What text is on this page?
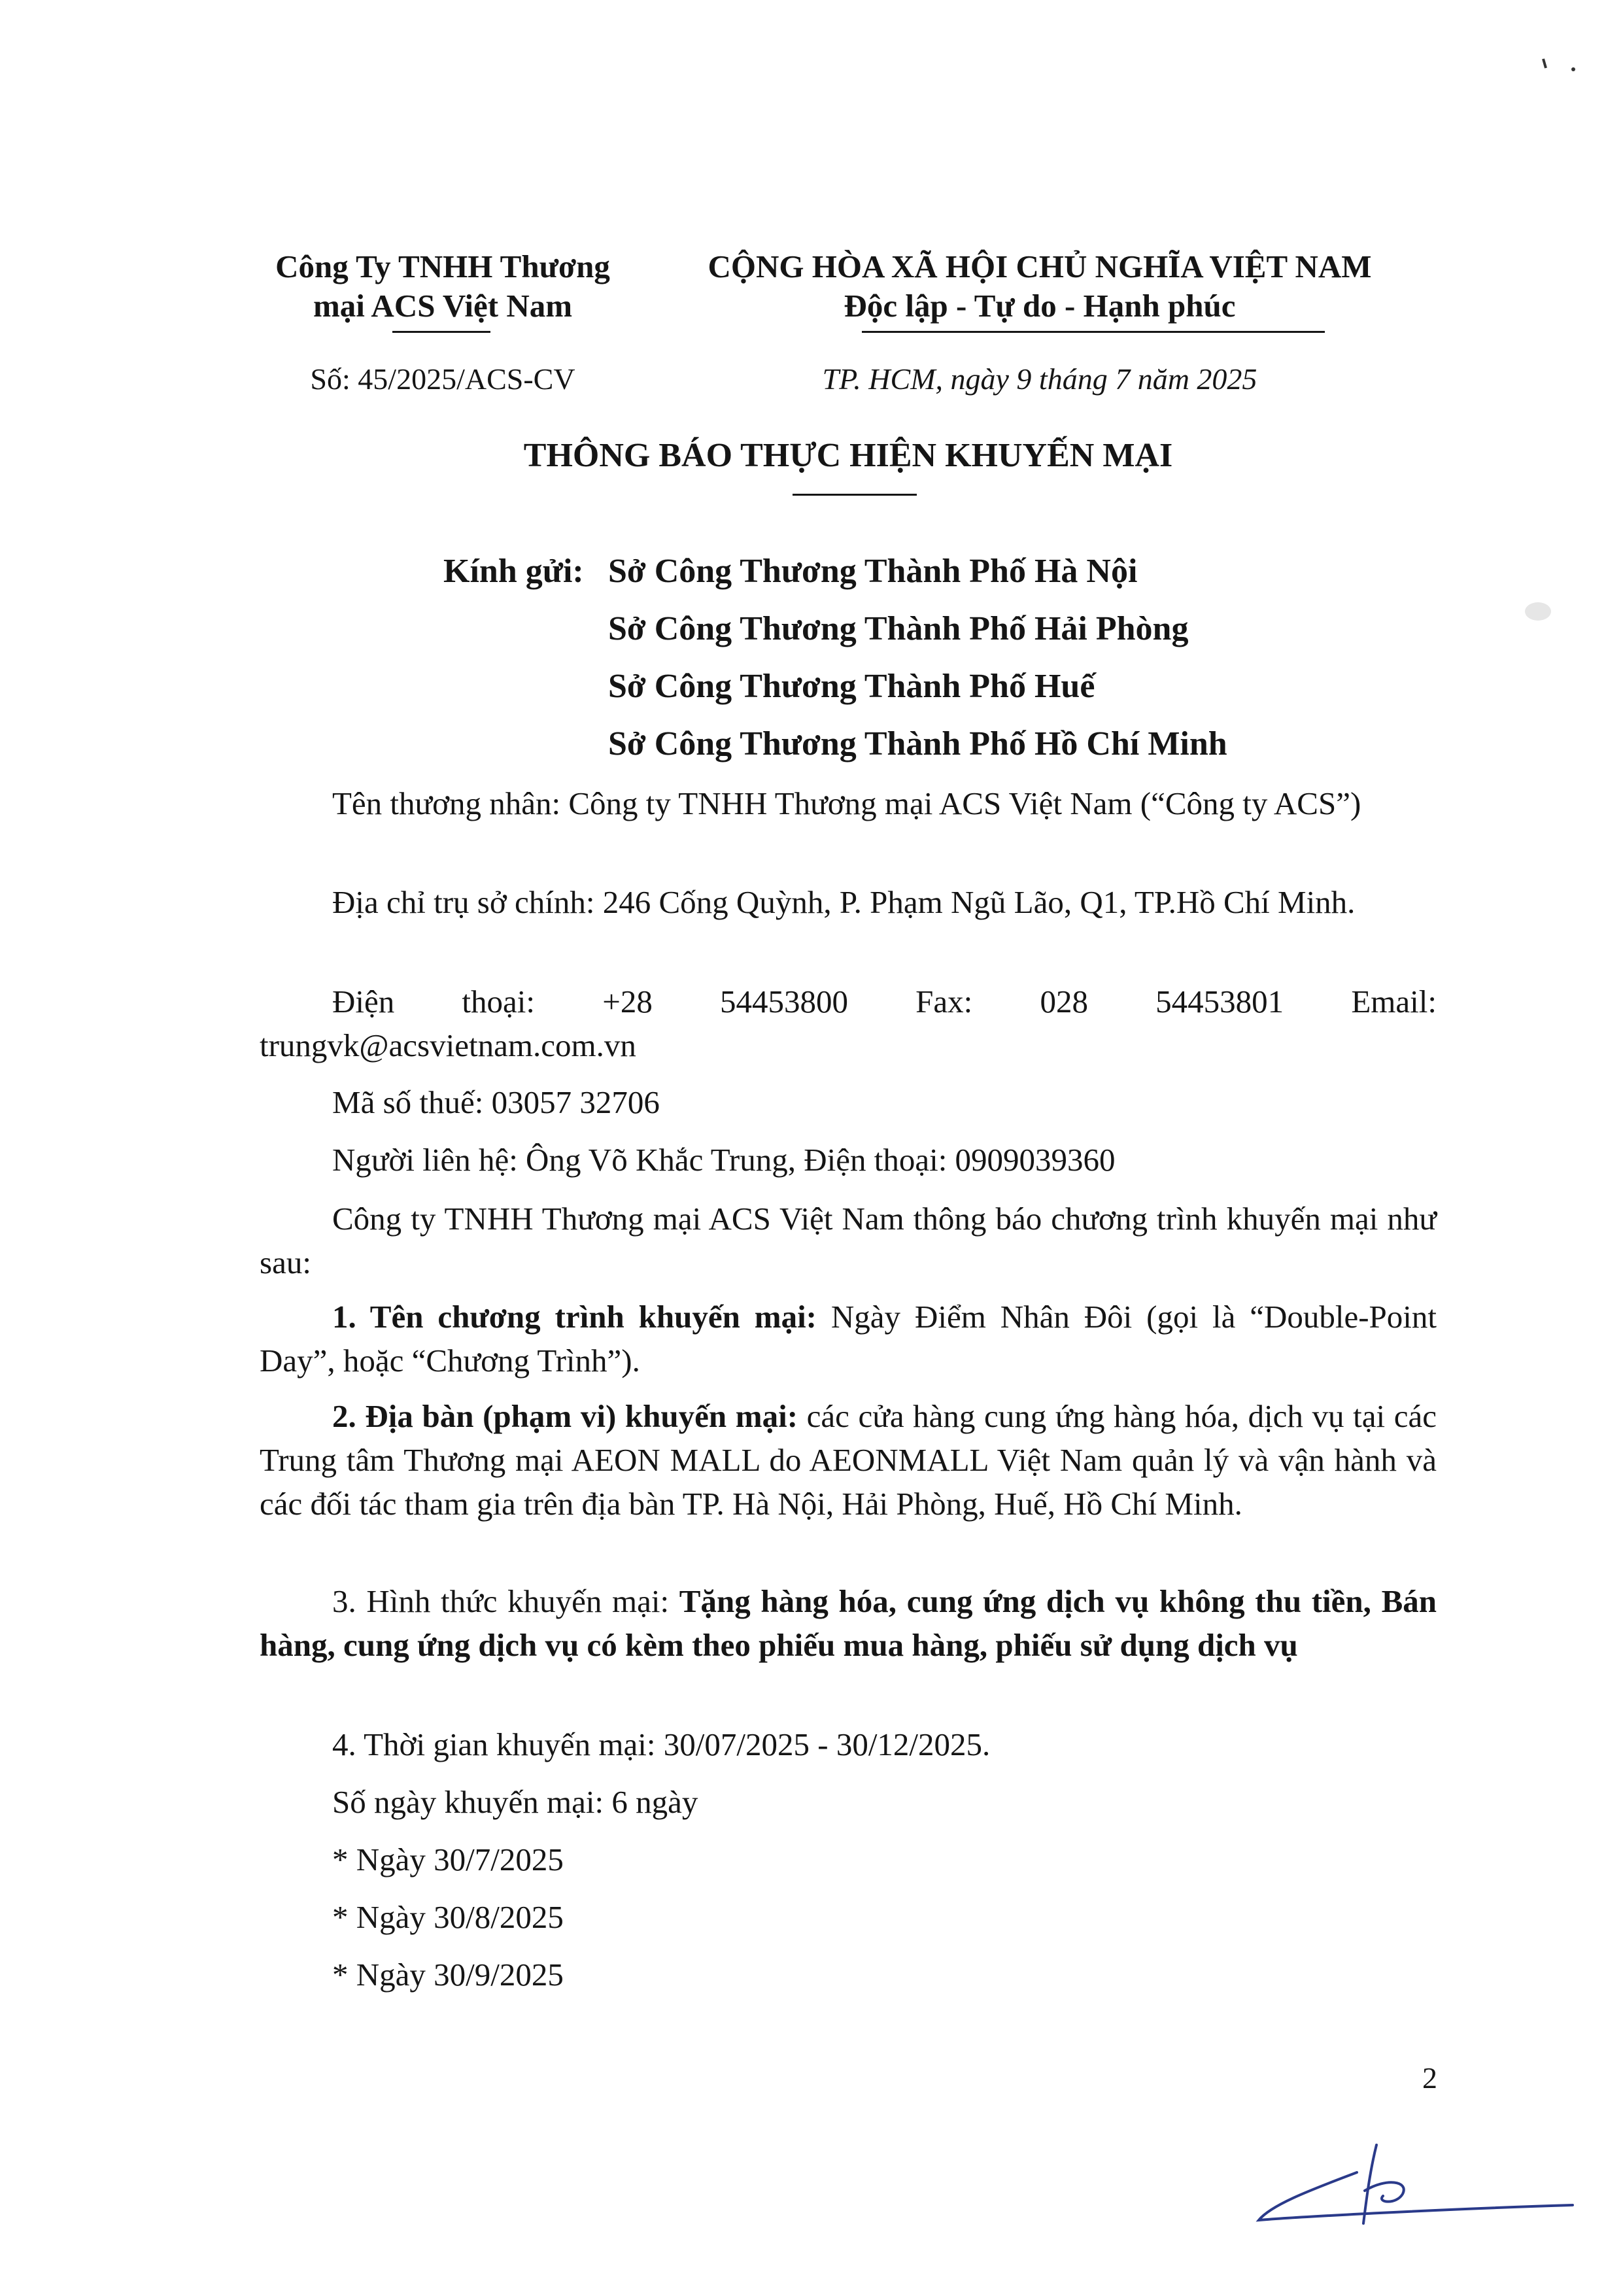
Công Ty TNHH Thương
mại ACS Việt Nam
CỘNG HÒA XÃ HỘI CHỦ NGHĨA VIỆT NAM
Độc lập - Tự do - Hạnh phúc
Số: 45/2025/ACS-CV	TP. HCM, ngày 9 tháng 7 năm 2025
THÔNG BÁO THỰC HIỆN KHUYẾN MẠI
Kính gửi: Sở Công Thương Thành Phố Hà Nội
Sở Công Thương Thành Phố Hải Phòng
Sở Công Thương Thành Phố Huế
Sở Công Thương Thành Phố Hồ Chí Minh
Tên thương nhân: Công ty TNHH Thương mại ACS Việt Nam (“Công ty ACS”)
Địa chỉ trụ sở chính: 246 Cống Quỳnh, P. Phạm Ngũ Lão, Q1, TP.Hồ Chí Minh.
Điện thoại: +28 54453800 Fax: 028 54453801 Email:
trungvk@acsvietnam.com.vn
Mã số thuế: 03057 32706
Người liên hệ: Ông Võ Khắc Trung, Điện thoại: 0909039360
Công ty TNHH Thương mại ACS Việt Nam thông báo chương trình khuyến mại như sau:
1. Tên chương trình khuyến mại: Ngày Điểm Nhân Đôi (gọi là “Double-Point Day”, hoặc “Chương Trình”).
2. Địa bàn (phạm vi) khuyến mại: các cửa hàng cung ứng hàng hóa, dịch vụ tại các Trung tâm Thương mại AEON MALL do AEONMALL Việt Nam quản lý và vận hành và các đối tác tham gia trên địa bàn TP. Hà Nội, Hải Phòng, Huế, Hồ Chí Minh.
3. Hình thức khuyến mại: Tặng hàng hóa, cung ứng dịch vụ không thu tiền, Bán hàng, cung ứng dịch vụ có kèm theo phiếu mua hàng, phiếu sử dụng dịch vụ
4. Thời gian khuyến mại: 30/07/2025 - 30/12/2025.
Số ngày khuyến mại: 6 ngày
* Ngày 30/7/2025
* Ngày 30/8/2025
* Ngày 30/9/2025
2
